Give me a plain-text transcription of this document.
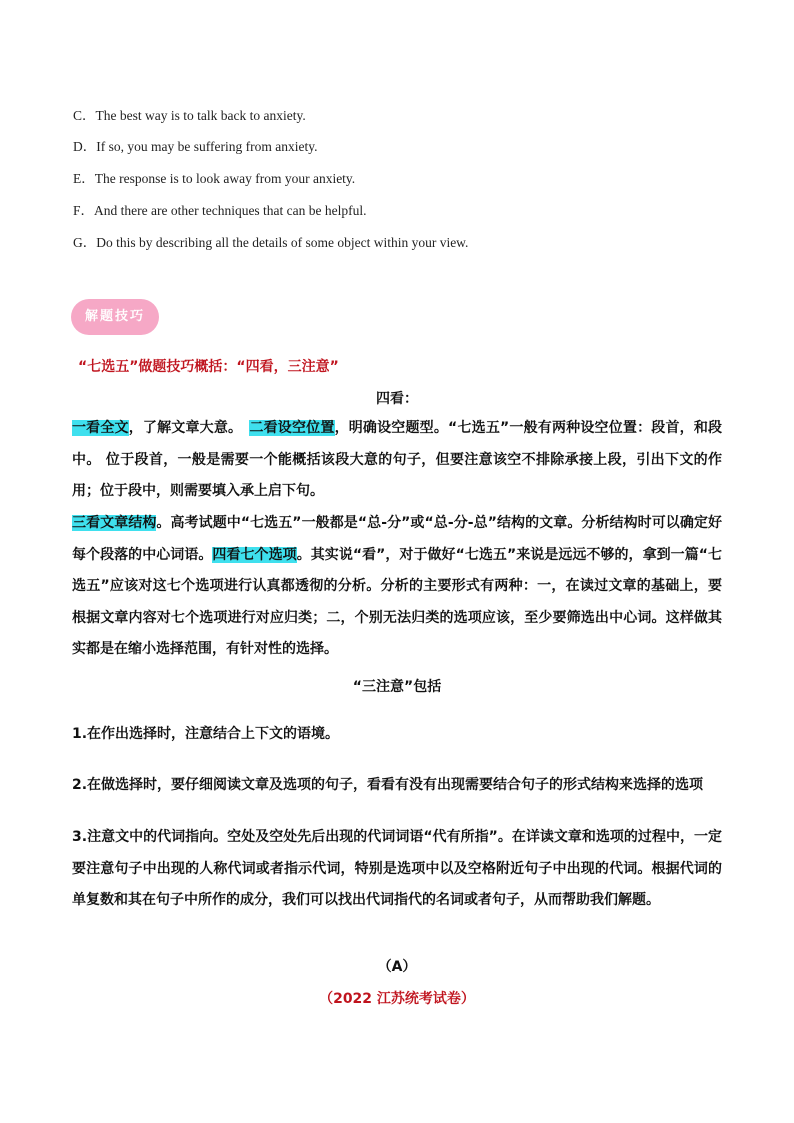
C．The best way is to talk back to anxiety.
D．If so, you may be suffering from anxiety.
E．The response is to look away from your anxiety.
F．And there are other techniques that can be helpful.
G．Do this by describing all the details of some object within your view.
解题技巧
“七选五”做题技巧概括：“四看，三注意”
四看：
一看全文，了解文章大意。　二看设空位置，明确设空题型。“七选五”一般有两种设空位置：段首，和段中。 位于段首，一般是需要一个能概括该段大意的句子，但要注意该空不排除承接上段，引出下文的作用；位于段中，则需要填入承上启下句。
三看文章结构。高考试题中“七选五”一般都是“总-分”或“总-分-总”结构的文章。分析结构时可以确定好每个段落的中心词语。四看七个选项。其实说“看”，对于做好“七选五”来说是远远不够的，拿到一篇“七选五”应该对这七个选项进行认真都透彻的分析。分析的主要形式有两种：一，在读过文章的基础上，要根据文章内容对七个选项进行对应归类；二，个别无法归类的选项应该，至少要筛选出中心词。这样做其实都是在缩小选择范围，有针对性的选择。
“三注意”包括
1.在作出选择时，注意结合上下文的语境。
2.在做选择时，要仔细阅读文章及选项的句子，看看有没有出现需要结合句子的形式结构来选择的选项
3.注意文中的代词指向。空处及空处先后出现的代词词语“代有所指”。在详读文章和选项的过程中，一定要注意句子中出现的人称代词或者指示代词，特别是选项中以及空格附近句子中出现的代词。根据代词的单复数和其在句子中所作的成分，我们可以找出代词指代的名词或者句子，从而帮助我们解题。
（A）
（2022 江苏统考试卷）
